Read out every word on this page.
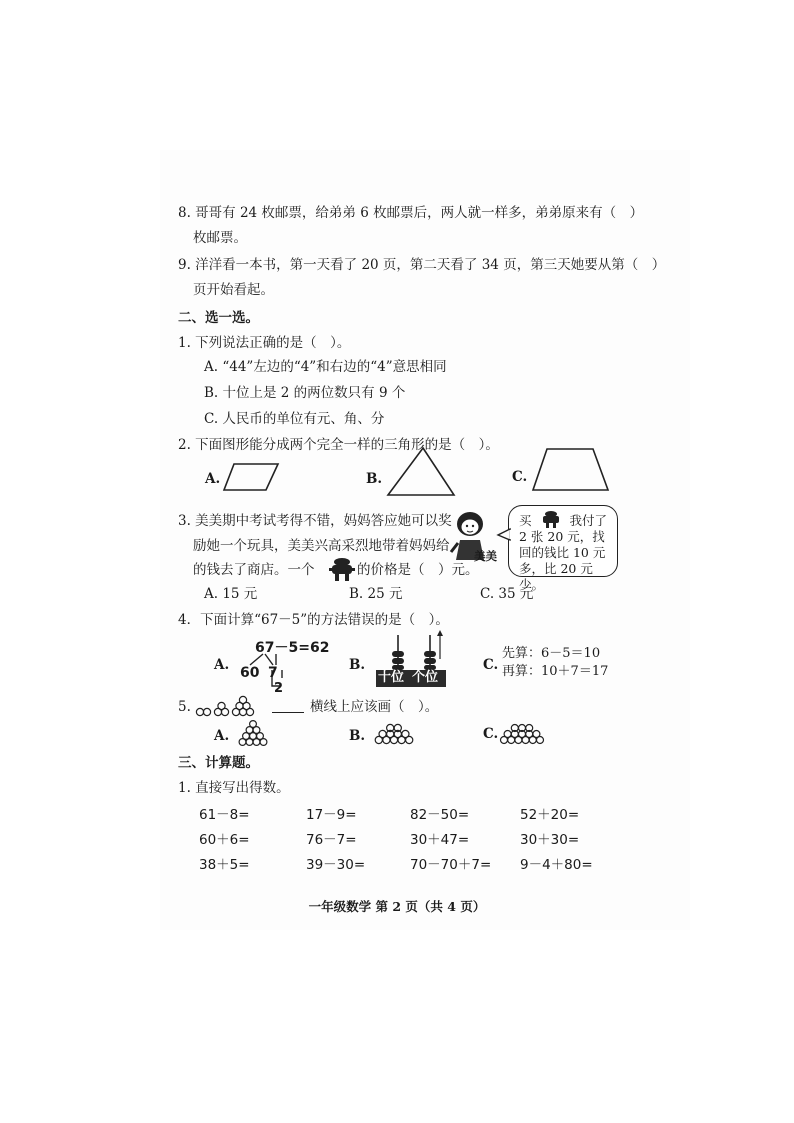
8. 哥哥有 24 枚邮票，给弟弟 6 枚邮票后，两人就一样多，弟弟原来有（　）
枚邮票。
9. 洋洋看一本书，第一天看了 20 页，第二天看了 34 页，第三天她要从第（　）
页开始看起。
二、选一选。
1. 下列说法正确的是（　）。
A. “44”左边的“4”和右边的“4”意思相同
B. 十位上是 2 的两位数只有 9 个
C. 人民币的单位有元、角、分
2. 下面图形能分成两个完全一样的三角形的是（　）。
A.	B.	C.
3. 美美期中考试考得不错，妈妈答应她可以奖
励她一个玩具，美美兴高采烈地带着妈妈给
的钱去了商店。一个	的价格是（　）元。
美美
买	我付了 2 张 20 元，找回的钱比 10 元多，比 20 元少。
A. 15 元	B. 25 元	C. 35 元
4．下面计算“67－5”的方法错误的是（　）。
A.
67－5=62
60 7
2
B.
十位 个位
C.
先算：6－5＝10
再算：10＋7＝17
5.	横线上应该画（　）。
A.	B.	C.
三、计算题。
1. 直接写出得数。
61－8=	17－9=	82－50=	52＋20=
60＋6=	76－7=	30＋47=	30＋30=
38＋5=	39－30=	70－70＋7= 9－4＋80=
一年级数学 第 2 页（共 4 页）
